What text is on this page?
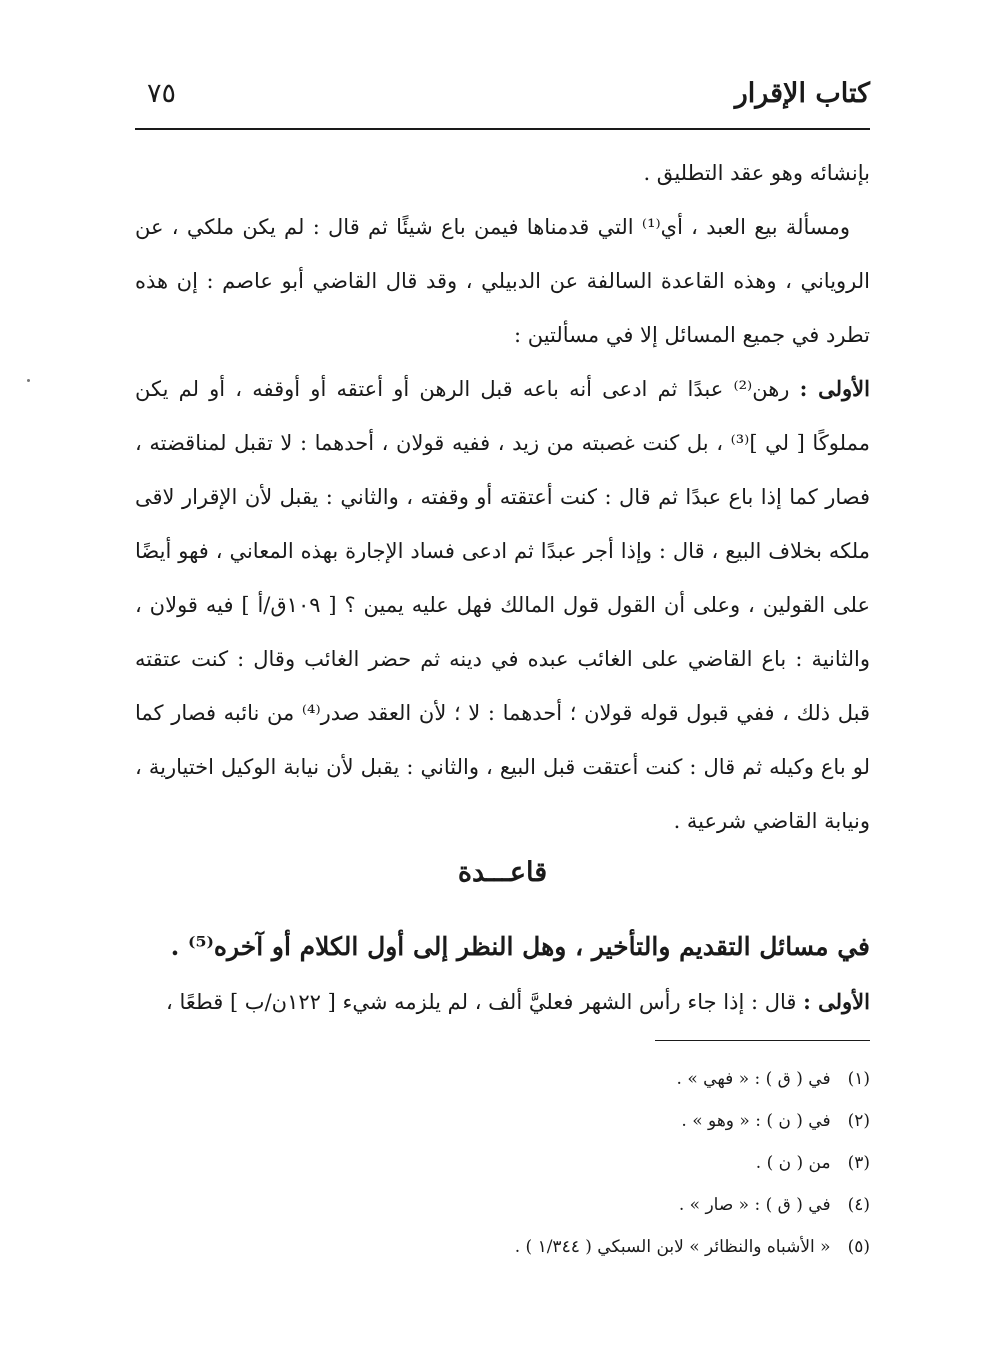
كتاب الإقرار
٧٥

بإنشائه وهو عقد التطليق .

ومسألة بيع العبد ، أي⁽¹⁾ التي قدمناها فيمن باع شيئًا ثم قال : لم يكن ملكي ، عن الروياني ، وهذه القاعدة السالفة عن الدبيلي ، وقد قال القاضي أبو عاصم : إن هذه تطرد في جميع المسائل إلا في مسألتين :

الأولى : رهن⁽²⁾ عبدًا ثم ادعى أنه باعه قبل الرهن أو أعتقه أو أوقفه ، أو لم يكن مملوكًا [ لي ]⁽³⁾ ، بل كنت غصبته من زيد ، ففيه قولان ، أحدهما : لا تقبل لمناقضته ، فصار كما إذا باع عبدًا ثم قال : كنت أعتقته أو وقفته ، والثاني : يقبل لأن الإقرار لاقى ملكه بخلاف البيع ، قال : وإذا أجر عبدًا ثم ادعى فساد الإجارة بهذه المعاني ، فهو أيضًا على القولين ، وعلى أن القول قول المالك فهل عليه يمين ؟ [ ١٠٩ق/أ ] فيه قولان ، والثانية : باع القاضي على الغائب عبده في دينه ثم حضر الغائب وقال : كنت عتقته قبل ذلك ، ففي قبول قوله قولان ؛ أحدهما : لا ؛ لأن العقد صدر⁽⁴⁾ من نائبه فصار كما لو باع وكيله ثم قال : كنت أعتقت قبل البيع ، والثاني : يقبل لأن نيابة الوكيل اختيارية ، ونيابة القاضي شرعية .

قاعـــدة
في مسائل التقديم والتأخير ، وهل النظر إلى أول الكلام أو آخره⁽⁵⁾ .
الأولى : قال : إذا جاء رأس الشهر فعليَّ ألف ، لم يلزمه شيء [ ١٢٢ن/ب ] قطعًا ،
(١) في ( ق ) : « فهي » .
(٢) في ( ن ) : « وهو » .
(٣) من ( ن ) .
(٤) في ( ق ) : « صار » .
(٥) « الأشباه والنظائر » لابن السبكي ( ١/٣٤٤ ) .
